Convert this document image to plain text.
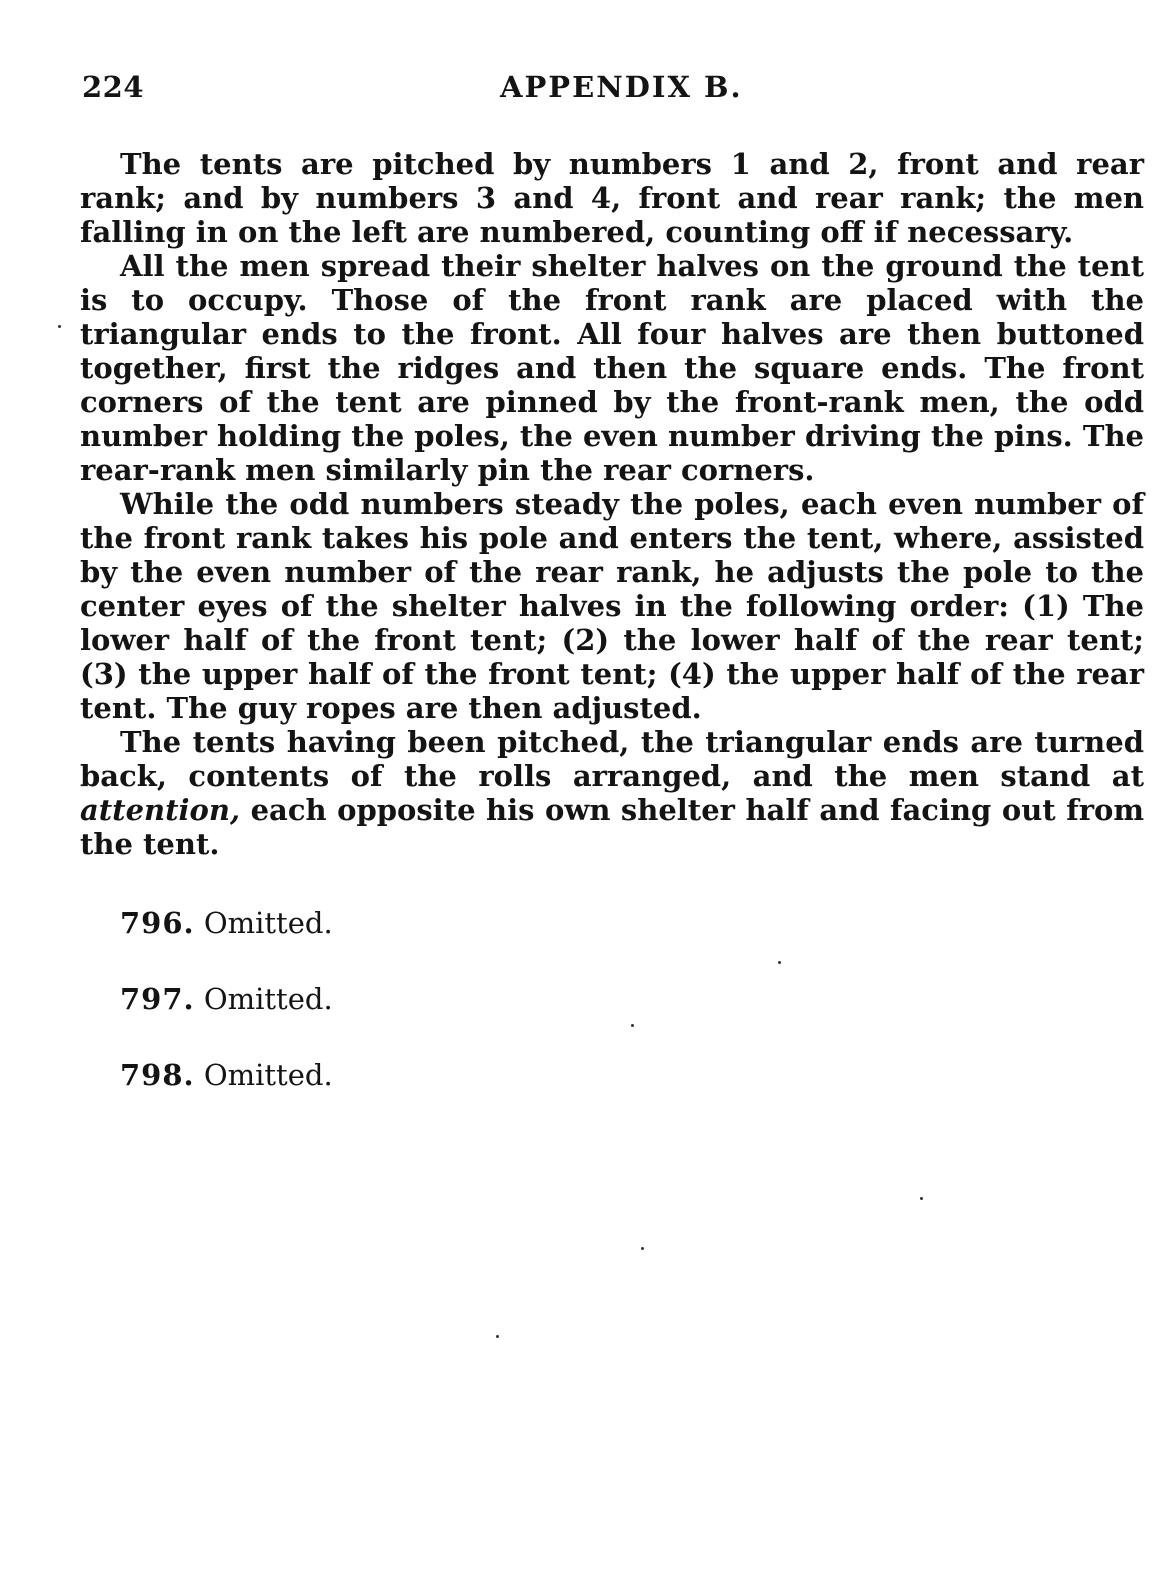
224	APPENDIX B.

The tents are pitched by numbers 1 and 2, front and rear rank; and by numbers 3 and 4, front and rear rank; the men falling in on the left are numbered, counting off if necessary.

All the men spread their shelter halves on the ground the tent is to occupy. Those of the front rank are placed with the triangular ends to the front. All four halves are then buttoned together, first the ridges and then the square ends. The front corners of the tent are pinned by the front-rank men, the odd number holding the poles, the even number driving the pins. The rear-rank men similarly pin the rear corners.

While the odd numbers steady the poles, each even number of the front rank takes his pole and enters the tent, where, assisted by the even number of the rear rank, he adjusts the pole to the center eyes of the shelter halves in the following order: (1) The lower half of the front tent; (2) the lower half of the rear tent; (3) the upper half of the front tent; (4) the upper half of the rear tent. The guy ropes are then adjusted.

The tents having been pitched, the triangular ends are turned back, contents of the rolls arranged, and the men stand at attention, each opposite his own shelter half and facing out from the tent.

796. Omitted.
797. Omitted.
798. Omitted.
